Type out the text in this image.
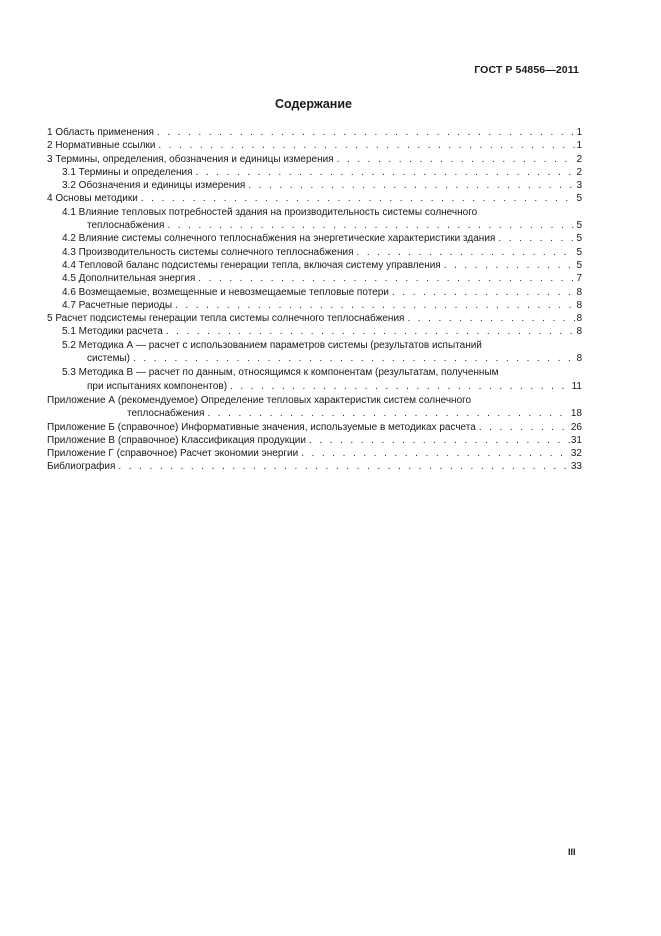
ГОСТ Р 54856—2011
Содержание
1 Область применения . . .	1
2 Нормативные ссылки . . .	1
3 Термины, определения, обозначения и единицы измерения . . .	2
3.1 Термины и определения . . .	2
3.2 Обозначения и единицы измерения . . .	3
4 Основы методики . . .	5
4.1 Влияние тепловых потребностей здания на производительность системы солнечного
теплоснабжения . . .	5
4.2 Влияние системы солнечного теплоснабжения на энергетические характеристики здания . . .	5
4.3 Производительность системы солнечного теплоснабжения . . .	5
4.4 Тепловой баланс подсистемы генерации тепла, включая систему управления . . .	5
4.5 Дополнительная энергия . . .	7
4.6 Возмещаемые, возмещенные и невозмещаемые тепловые потери . . .	8
4.7 Расчетные периоды . . .	8
5 Расчет подсистемы генерации тепла системы солнечного теплоснабжения . . .	8
5.1 Методики расчета . . .	8
5.2 Методика А — расчет с использованием параметров системы (результатов испытаний
системы) . . .	8
5.3 Методика В — расчет по данным, относящимся к компонентам (результатам, полученным
при испытаниях компонентов) . . .	11
Приложение А (рекомендуемое) Определение тепловых характеристик систем солнечного
теплоснабжения . . .	18
Приложение Б (справочное) Информативные значения, используемые в методиках расчета . . .	26
Приложение В (справочное) Классификация продукции . . .	31
Приложение Г (справочное) Расчет экономии энергии . . .	32
Библиография . . .	33
III
